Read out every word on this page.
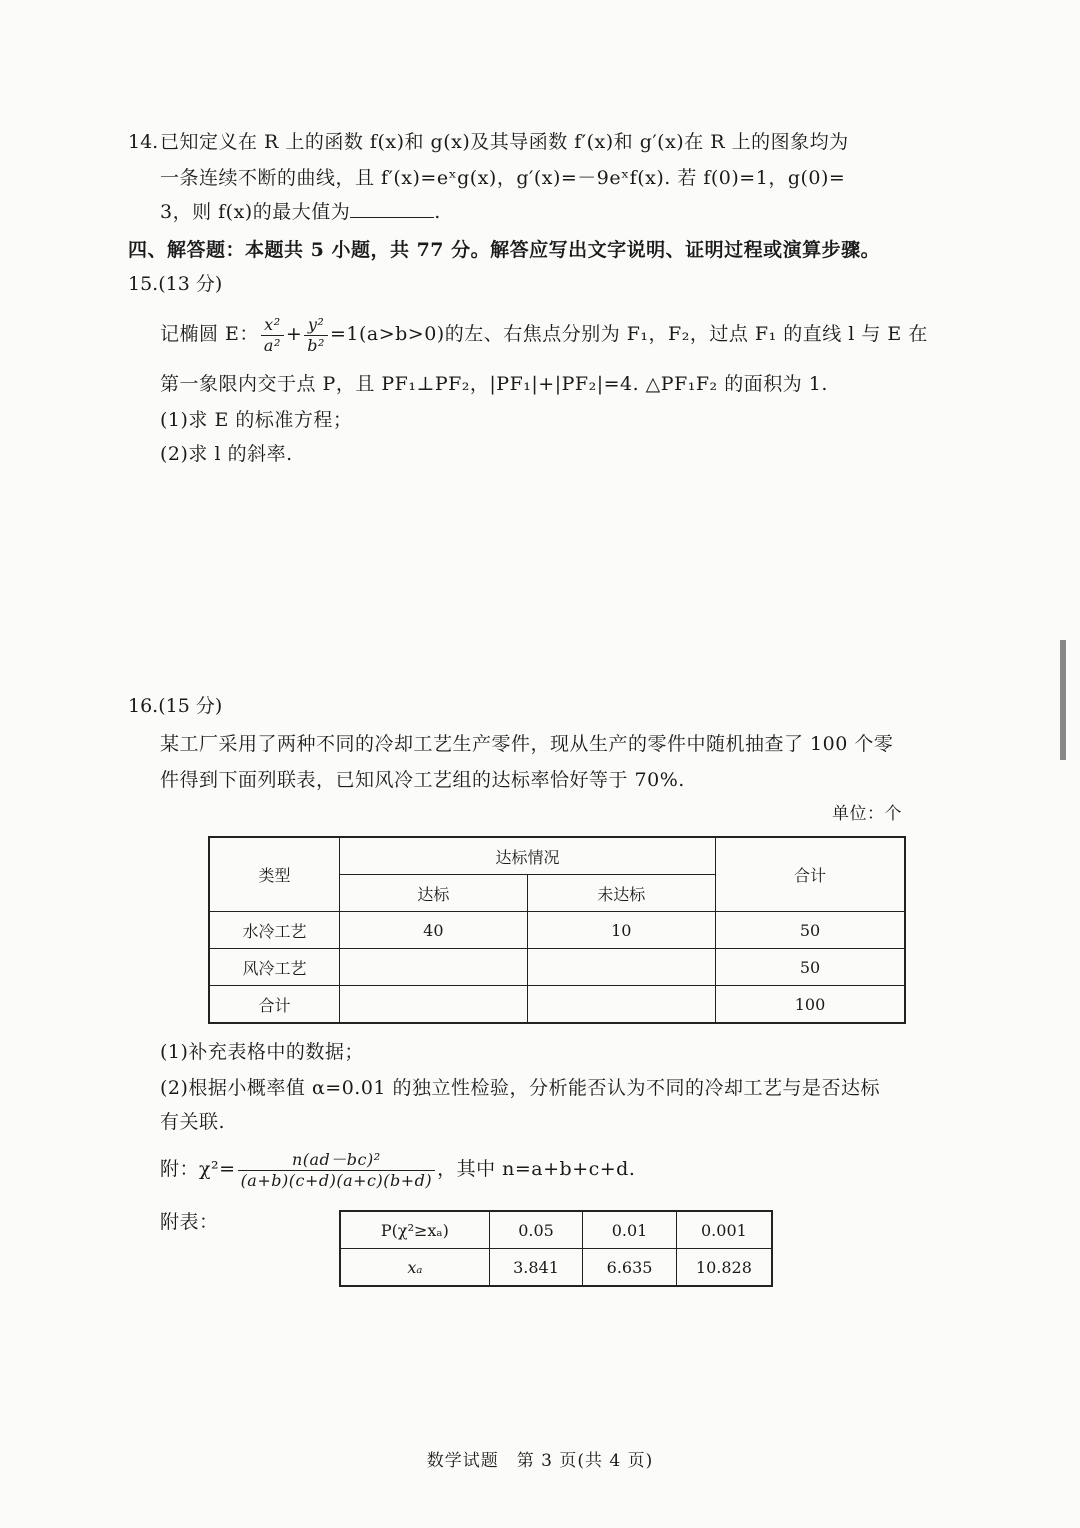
14. 已知定义在 R 上的函数 f(x)和 g(x)及其导函数 f′(x)和 g′(x)在 R 上的图象均为
一条连续不断的曲线，且 f′(x)=eˣg(x)，g′(x)=－9eˣf(x). 若 f(0)=1，g(0)=
3，则 f(x)的最大值为	.
四、解答题：本题共 5 小题，共 77 分。解答应写出文字说明、证明过程或演算步骤。
15.(13 分)
记椭圆 E： $\frac{\text{x²}}{\text{a²}} + \frac{\text{y²}}{\text{b²}} =1(a>b>0)$的左、右焦点分别为 F₁，F₂，过点 F₁ 的直线 l 与 E 在
第一象限内交于点 P，且 PF₁⊥PF₂，|PF₁|+|PF₂|=4. △PF₁F₂ 的面积为 1.
(1)求 E 的标准方程；
(2)求 l 的斜率.
16.(15 分)
某工厂采用了两种不同的冷却工艺生产零件，现从生产的零件中随机抽查了 100 个零
件得到下面列联表，已知风冷工艺组的达标率恰好等于 70%.
单位：个
类型	达标情况		合计
	达标	未达标	
水冷工艺	40	10	50
风冷工艺			50
合计			100
(1)补充表格中的数据；
(2)根据小概率值 α=0.01 的独立性检验，分析能否认为不同的冷却工艺与是否达标
有关联.
附：$\chi^2= \frac{\text{n(ad－bc)²}}{(a+b)(c+d)(a+c)(b+d)}$ ，其中 n=a+b+c+d.
附表：	P(χ²≥xₐ)	0.05	0.01	0.001
xₐ	3.841	6.635	10.828
数学试题　第 3 页(共 4 页)
